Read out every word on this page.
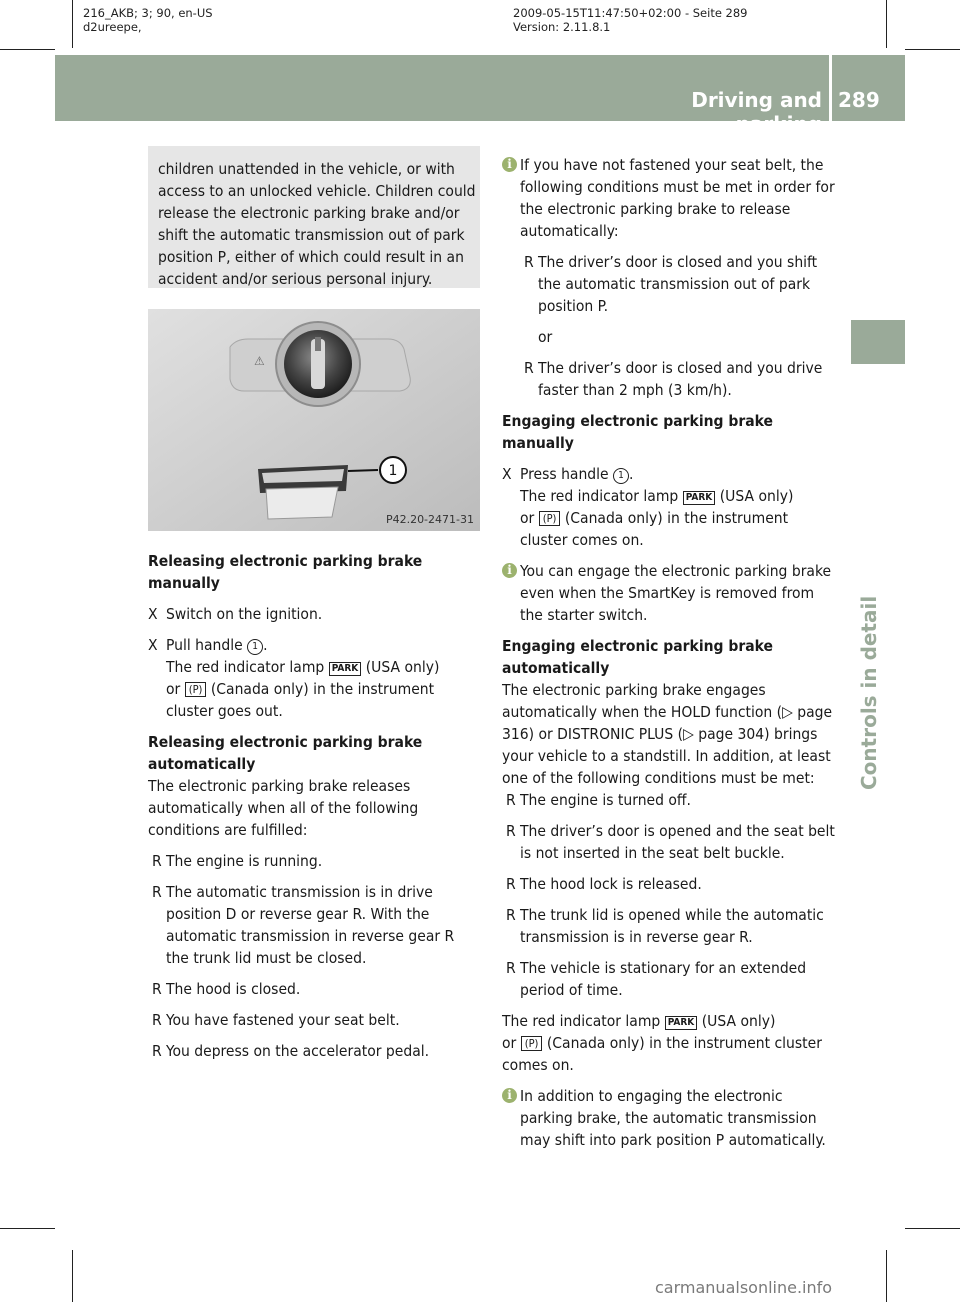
216_AKB; 3; 90, en-US
d2ureepe,
2009-05-15T11:47:50+02:00 - Seite 289
Version: 2.11.8.1
Driving and parking
289
Controls in detail
children unattended in the vehicle, or with access to an unlocked vehicle. Children could release the electronic parking brake and/or shift the automatic transmission out of park position P, either of which could result in an accident and/or serious personal injury.
⚠
1
P42.20-2471-31

Releasing electronic parking brake manually

X Switch on the ignition.

X Pull handle 1 .
The red indicator lamp PARK (USA only)
or (P) (Canada only) in the instrument cluster goes out.

Releasing electronic parking brake automatically

The electronic parking brake releases automatically when all of the following conditions are fulfilled:

R The engine is running.

R The automatic transmission is in drive position D or reverse gear R. With the automatic transmission in reverse gear R the trunk lid must be closed.

R The hood is closed.

R You have fastened your seat belt.

R You depress on the accelerator pedal.

i If you have not fastened your seat belt, the following conditions must be met in order for the electronic parking brake to release automatically:

R The driver’s door is closed and you shift the automatic transmission out of park position P.

or

R The driver’s door is closed and you drive faster than 2 mph (3 km/h).

Engaging electronic parking brake manually

X Press handle 1 .
The red indicator lamp PARK (USA only)
or (P) (Canada only) in the instrument cluster comes on.

i You can engage the electronic parking brake even when the SmartKey is removed from the starter switch.

Engaging electronic parking brake automatically

The electronic parking brake engages automatically when the HOLD function (▷ page 316) or DISTRONIC PLUS (▷ page 304) brings your vehicle to a standstill. In addition, at least one of the following conditions must be met:

R The engine is turned off.

R The driver’s door is opened and the seat belt is not inserted in the seat belt buckle.

R The hood lock is released.

R The trunk lid is opened while the automatic transmission is in reverse gear R.

R The vehicle is stationary for an extended period of time.

The red indicator lamp PARK (USA only)
or (P) (Canada only) in the instrument cluster comes on.

i In addition to engaging the electronic parking brake, the automatic transmission may shift into park position P automatically.

carmanualsonline.info
